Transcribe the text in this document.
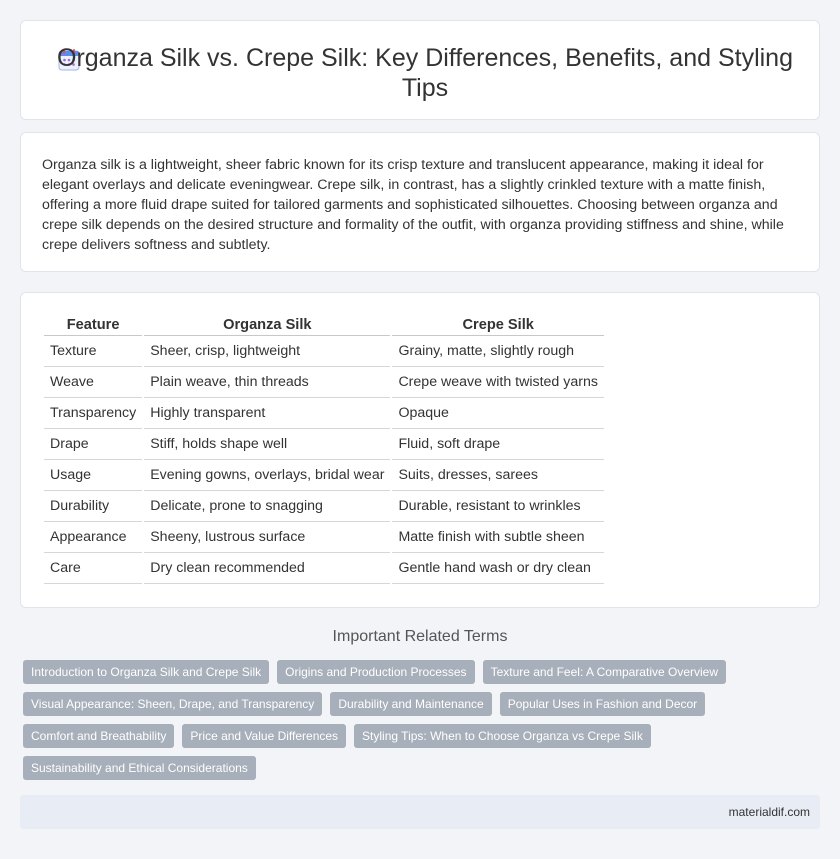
Organza Silk vs. Crepe Silk: Key Differences, Benefits, and Styling Tips

Organza silk is a lightweight, sheer fabric known for its crisp texture and translucent appearance, making it ideal for elegant overlays and delicate eveningwear. Crepe silk, in contrast, has a slightly crinkled texture with a matte finish, offering a more fluid drape suited for tailored garments and sophisticated silhouettes. Choosing between organza and crepe silk depends on the desired structure and formality of the outfit, with organza providing stiffness and shine, while crepe delivers softness and subtlety.

Feature	Organza Silk	Crepe Silk
Texture	Sheer, crisp, lightweight	Grainy, matte, slightly rough
Weave	Plain weave, thin threads	Crepe weave with twisted yarns
Transparency	Highly transparent	Opaque
Drape	Stiff, holds shape well	Fluid, soft drape
Usage	Evening gowns, overlays, bridal wear	Suits, dresses, sarees
Durability	Delicate, prone to snagging	Durable, resistant to wrinkles
Appearance	Sheeny, lustrous surface	Matte finish with subtle sheen
Care	Dry clean recommended	Gentle hand wash or dry clean
Important Related Terms
Introduction to Organza Silk and Crepe Silk	Origins and Production Processes	Texture and Feel: A Comparative Overview
Visual Appearance: Sheen, Drape, and Transparency	Durability and Maintenance	Popular Uses in Fashion and Decor
Comfort and Breathability	Price and Value Differences	Styling Tips: When to Choose Organza vs Crepe Silk
Sustainability and Ethical Considerations
materialdif.com
